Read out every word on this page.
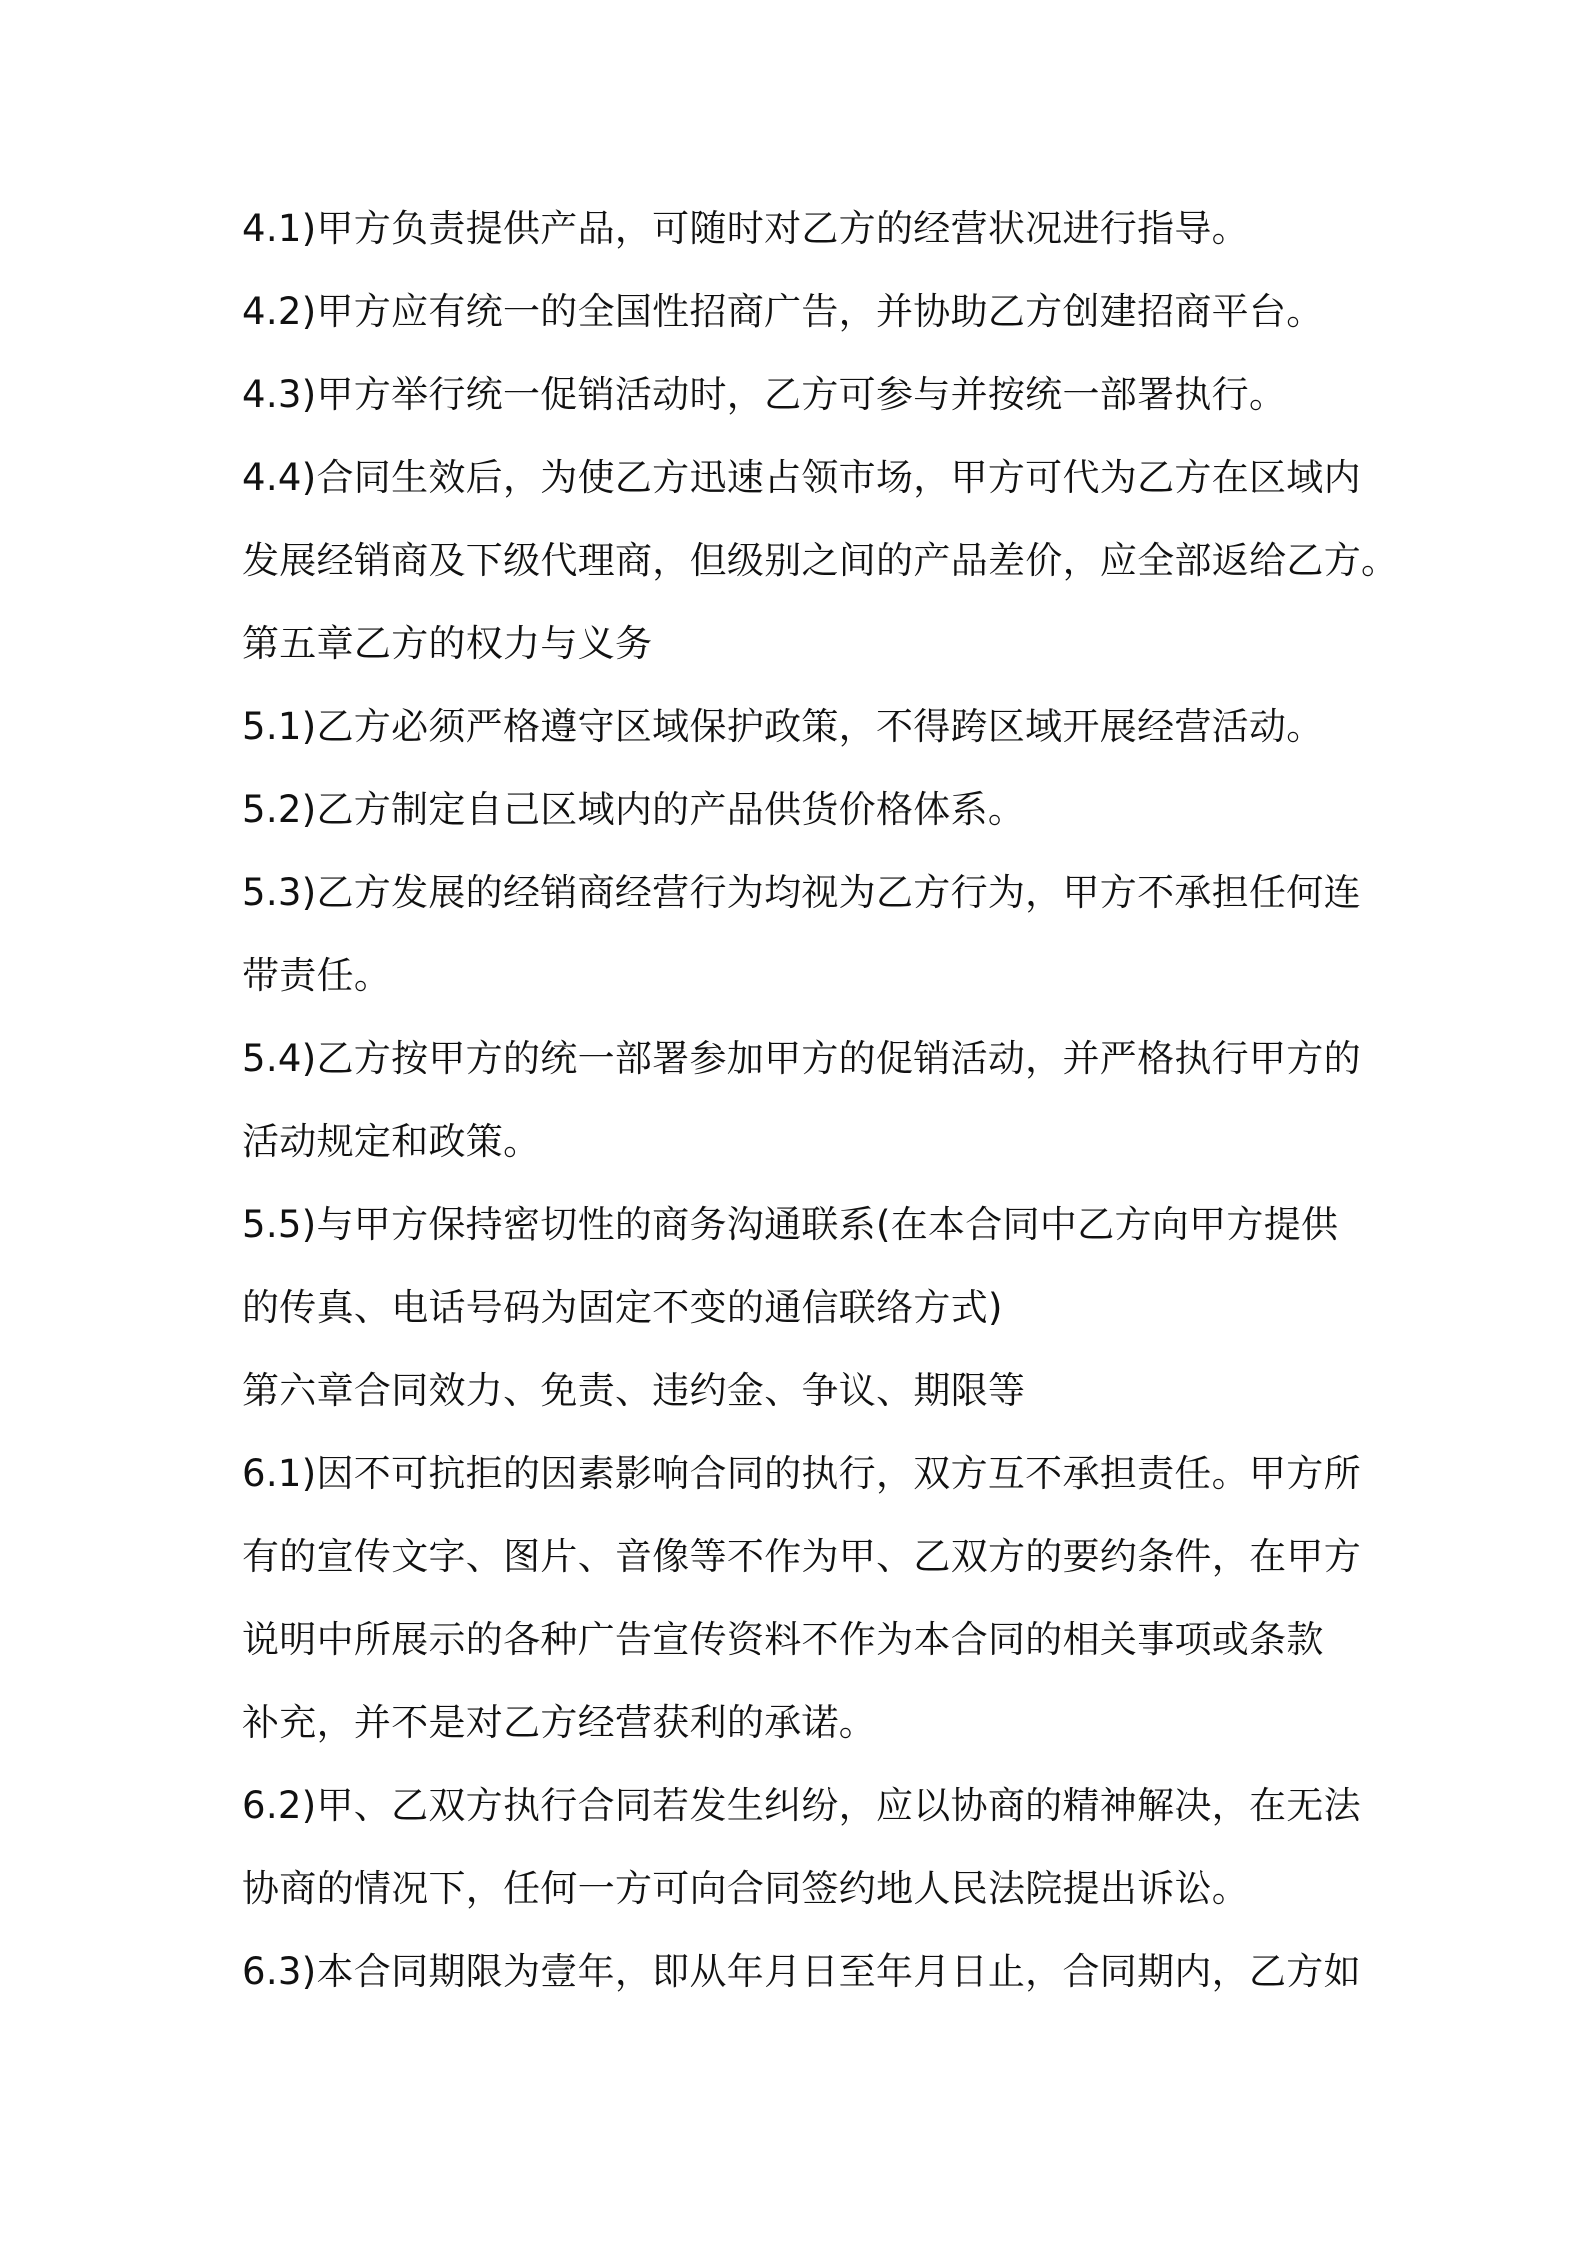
4.1)甲方负责提供产品，可随时对乙方的经营状况进行指导。
4.2)甲方应有统一的全国性招商广告，并协助乙方创建招商平台。
4.3)甲方举行统一促销活动时，乙方可参与并按统一部署执行。
4.4)合同生效后，为使乙方迅速占领市场，甲方可代为乙方在区域内
发展经销商及下级代理商，但级别之间的产品差价，应全部返给乙方。
第五章乙方的权力与义务
5.1)乙方必须严格遵守区域保护政策，不得跨区域开展经营活动。
5.2)乙方制定自己区域内的产品供货价格体系。
5.3)乙方发展的经销商经营行为均视为乙方行为，甲方不承担任何连
带责任。
5.4)乙方按甲方的统一部署参加甲方的促销活动，并严格执行甲方的
活动规定和政策。
5.5)与甲方保持密切性的商务沟通联系(在本合同中乙方向甲方提供
的传真、电话号码为固定不变的通信联络方式)
第六章合同效力、免责、违约金、争议、期限等
6.1)因不可抗拒的因素影响合同的执行，双方互不承担责任。甲方所
有的宣传文字、图片、音像等不作为甲、乙双方的要约条件，在甲方
说明中所展示的各种广告宣传资料不作为本合同的相关事项或条款
补充，并不是对乙方经营获利的承诺。
6.2)甲、乙双方执行合同若发生纠纷，应以协商的精神解决，在无法
协商的情况下，任何一方可向合同签约地人民法院提出诉讼。
6.3)本合同期限为壹年，即从年月日至年月日止，合同期内，乙方如
